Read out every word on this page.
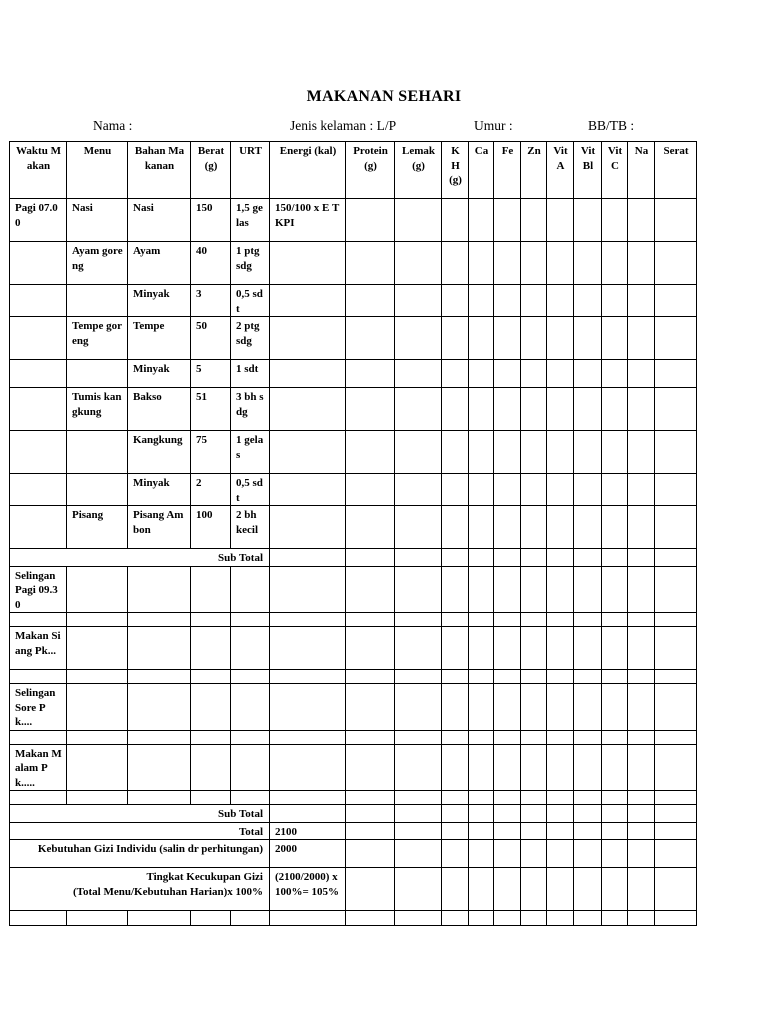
MAKANAN SEHARI
Nama :	Jenis kelaman : L/P	Umur :	BB/TB :
Waktu Makan	Menu	Bahan Makanan	Berat (g)	URT	Energi (kal)	Protein (g)	Lemak (g)	KH(g)	Ca	Fe	Zn	VitA	VitBl	VitC	Na	Serat
Pagi 07.00	Nasi	Nasi	150	1,5 gelas	150/100 x E TKPI											
	Ayam goreng	Ayam	40	1 ptg sdg												
		Minyak	3	0,5 sdt												
	Tempe goreng	Tempe	50	2 ptg sdg												
		Minyak	5	1 sdt												
	Tumis kangkung	Bakso	51	3 bh sdg												
		Kangkung	75	1 gelas												
		Minyak	2	0,5 sdt												
	Pisang	Pisang Ambon	100	2 bh kecil												
Sub Total																
Selingan Pagi 09.30																

Makan Siang Pk...																

Selingan Sore Pk....																

Makan Malam Pk.....																

Sub Total																
Total					2100											
Kebutuhan Gizi Individu (salin dr perhitungan)					2000											

Tingkat Kecukupan Gizi
(Total Menu/Kebutuhan Harian)x 100%					(2100/2000) x 100%= 105%											
